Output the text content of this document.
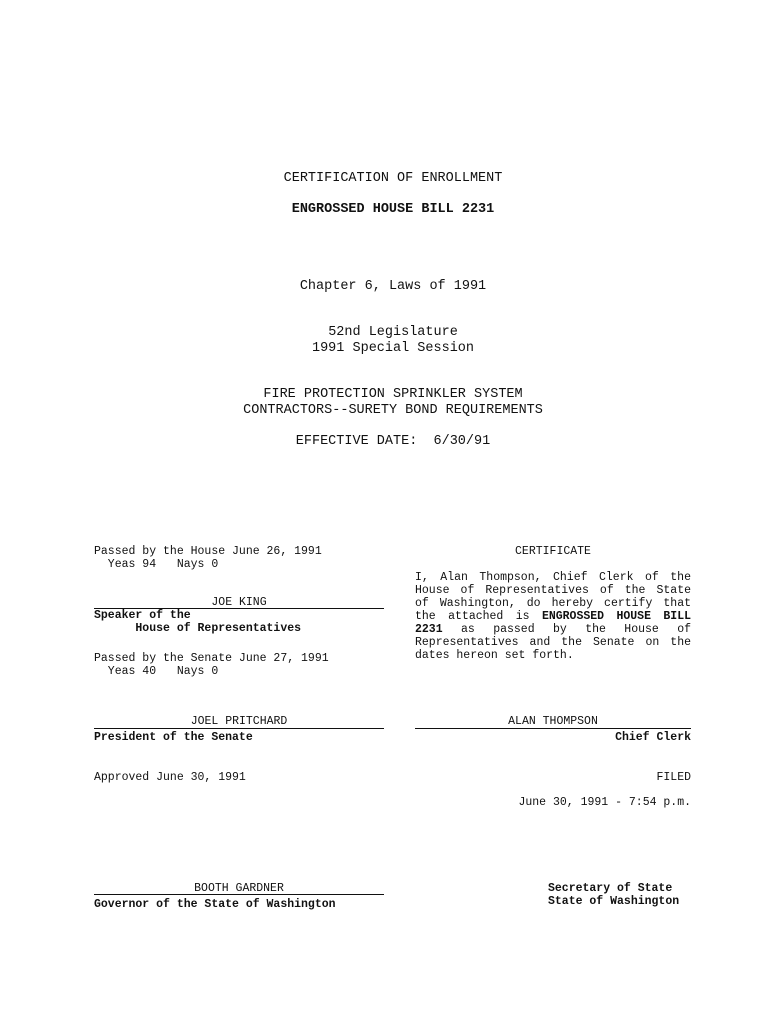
CERTIFICATION OF ENROLLMENT
ENGROSSED HOUSE BILL 2231
Chapter 6, Laws of 1991
52nd Legislature
1991 Special Session
FIRE PROTECTION SPRINKLER SYSTEM
CONTRACTORS--SURETY BOND REQUIREMENTS
EFFECTIVE DATE:  6/30/91
Passed by the House June 26, 1991
Yeas 94   Nays 0
JOE KING
Speaker of the
House of Representatives
Passed by the Senate June 27, 1991
Yeas 40   Nays 0
JOEL PRITCHARD
President of the Senate
Approved June 30, 1991
BOOTH GARDNER
Governor of the State of Washington
CERTIFICATE
I, Alan Thompson, Chief Clerk of the House of Representatives of the State of Washington, do hereby certify that the attached is ENGROSSED HOUSE BILL 2231 as passed by the House of Representatives and the Senate on the dates hereon set forth.
ALAN THOMPSON
Chief Clerk
FILED
June 30, 1991 - 7:54 p.m.
Secretary of State
State of Washington
